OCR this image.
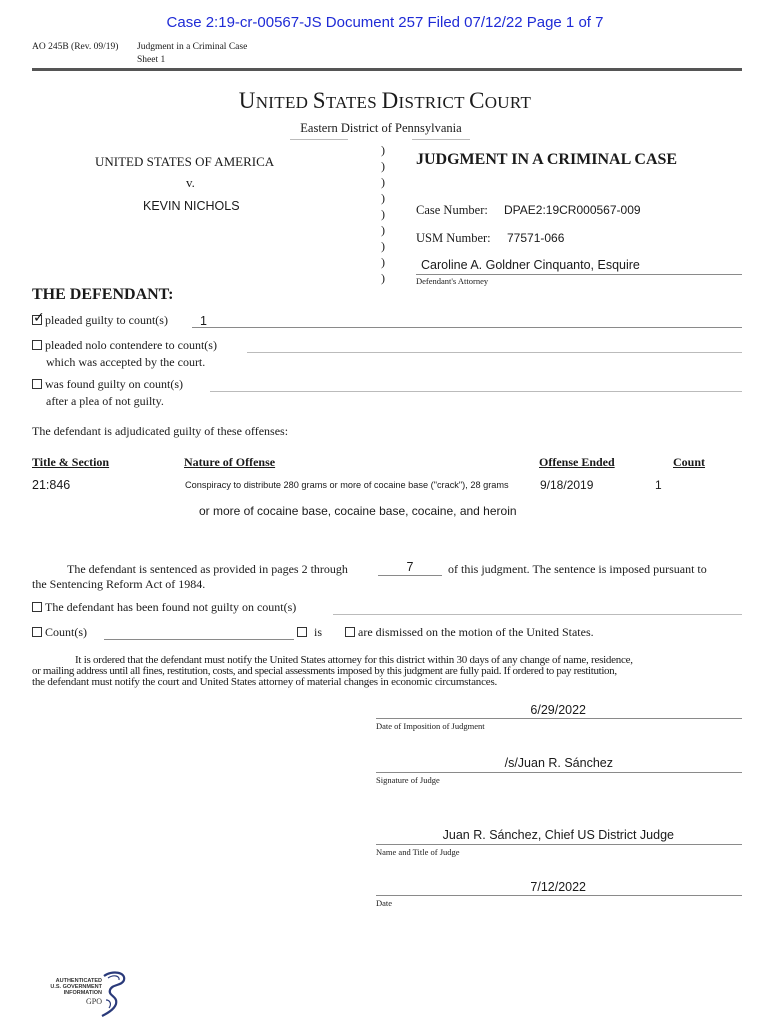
Case 2:19-cr-00567-JS Document 257 Filed 07/12/22 Page 1 of 7
AO 245B (Rev. 09/19) Judgment in a Criminal Case
Sheet 1
UNITED STATES DISTRICT COURT
Eastern District of Pennsylvania
)
)
)
)
)
)
)
)
)
UNITED STATES OF AMERICA
v.
KEVIN NICHOLS
JUDGMENT IN A CRIMINAL CASE
Case Number: DPAE2:19CR000567-009
USM Number: 77571-066
Caroline A. Goldner Cinquanto, Esquire
Defendant's Attorney
THE DEFENDANT:
✓pleaded guilty to count(s)	1
pleaded nolo contendere to count(s)
which was accepted by the court.
was found guilty on count(s)
after a plea of not guilty.
The defendant is adjudicated guilty of these offenses:
Title & Section	Nature of Offense	Offense Ended	Count
21:846	Conspiracy to distribute 280 grams or more of cocaine base ("crack"), 28 grams	9/18/2019	1
or more of cocaine base, cocaine base, cocaine, and heroin
The defendant is sentenced as provided in pages 2 through	7	of this judgment. The sentence is imposed pursuant to
the Sentencing Reform Act of 1984.
The defendant has been found not guilty on count(s)
Count(s)	is	are dismissed on the motion of the United States.
It is ordered that the defendant must notify the United States attorney for this district within 30 days of any change of name, residence,
or mailing address until all fines, restitution, costs, and special assessments imposed by this judgment are fully paid. If ordered to pay restitution,
the defendant must notify the court and United States attorney of material changes in economic circumstances.
6/29/2022
Date of Imposition of Judgment
/s/Juan R. Sánchez
Signature of Judge
Juan R. Sánchez, Chief US District Judge
Name and Title of Judge
7/12/2022
Date
AUTHENTICATED
U.S. GOVERNMENT
INFORMATION
GPO
